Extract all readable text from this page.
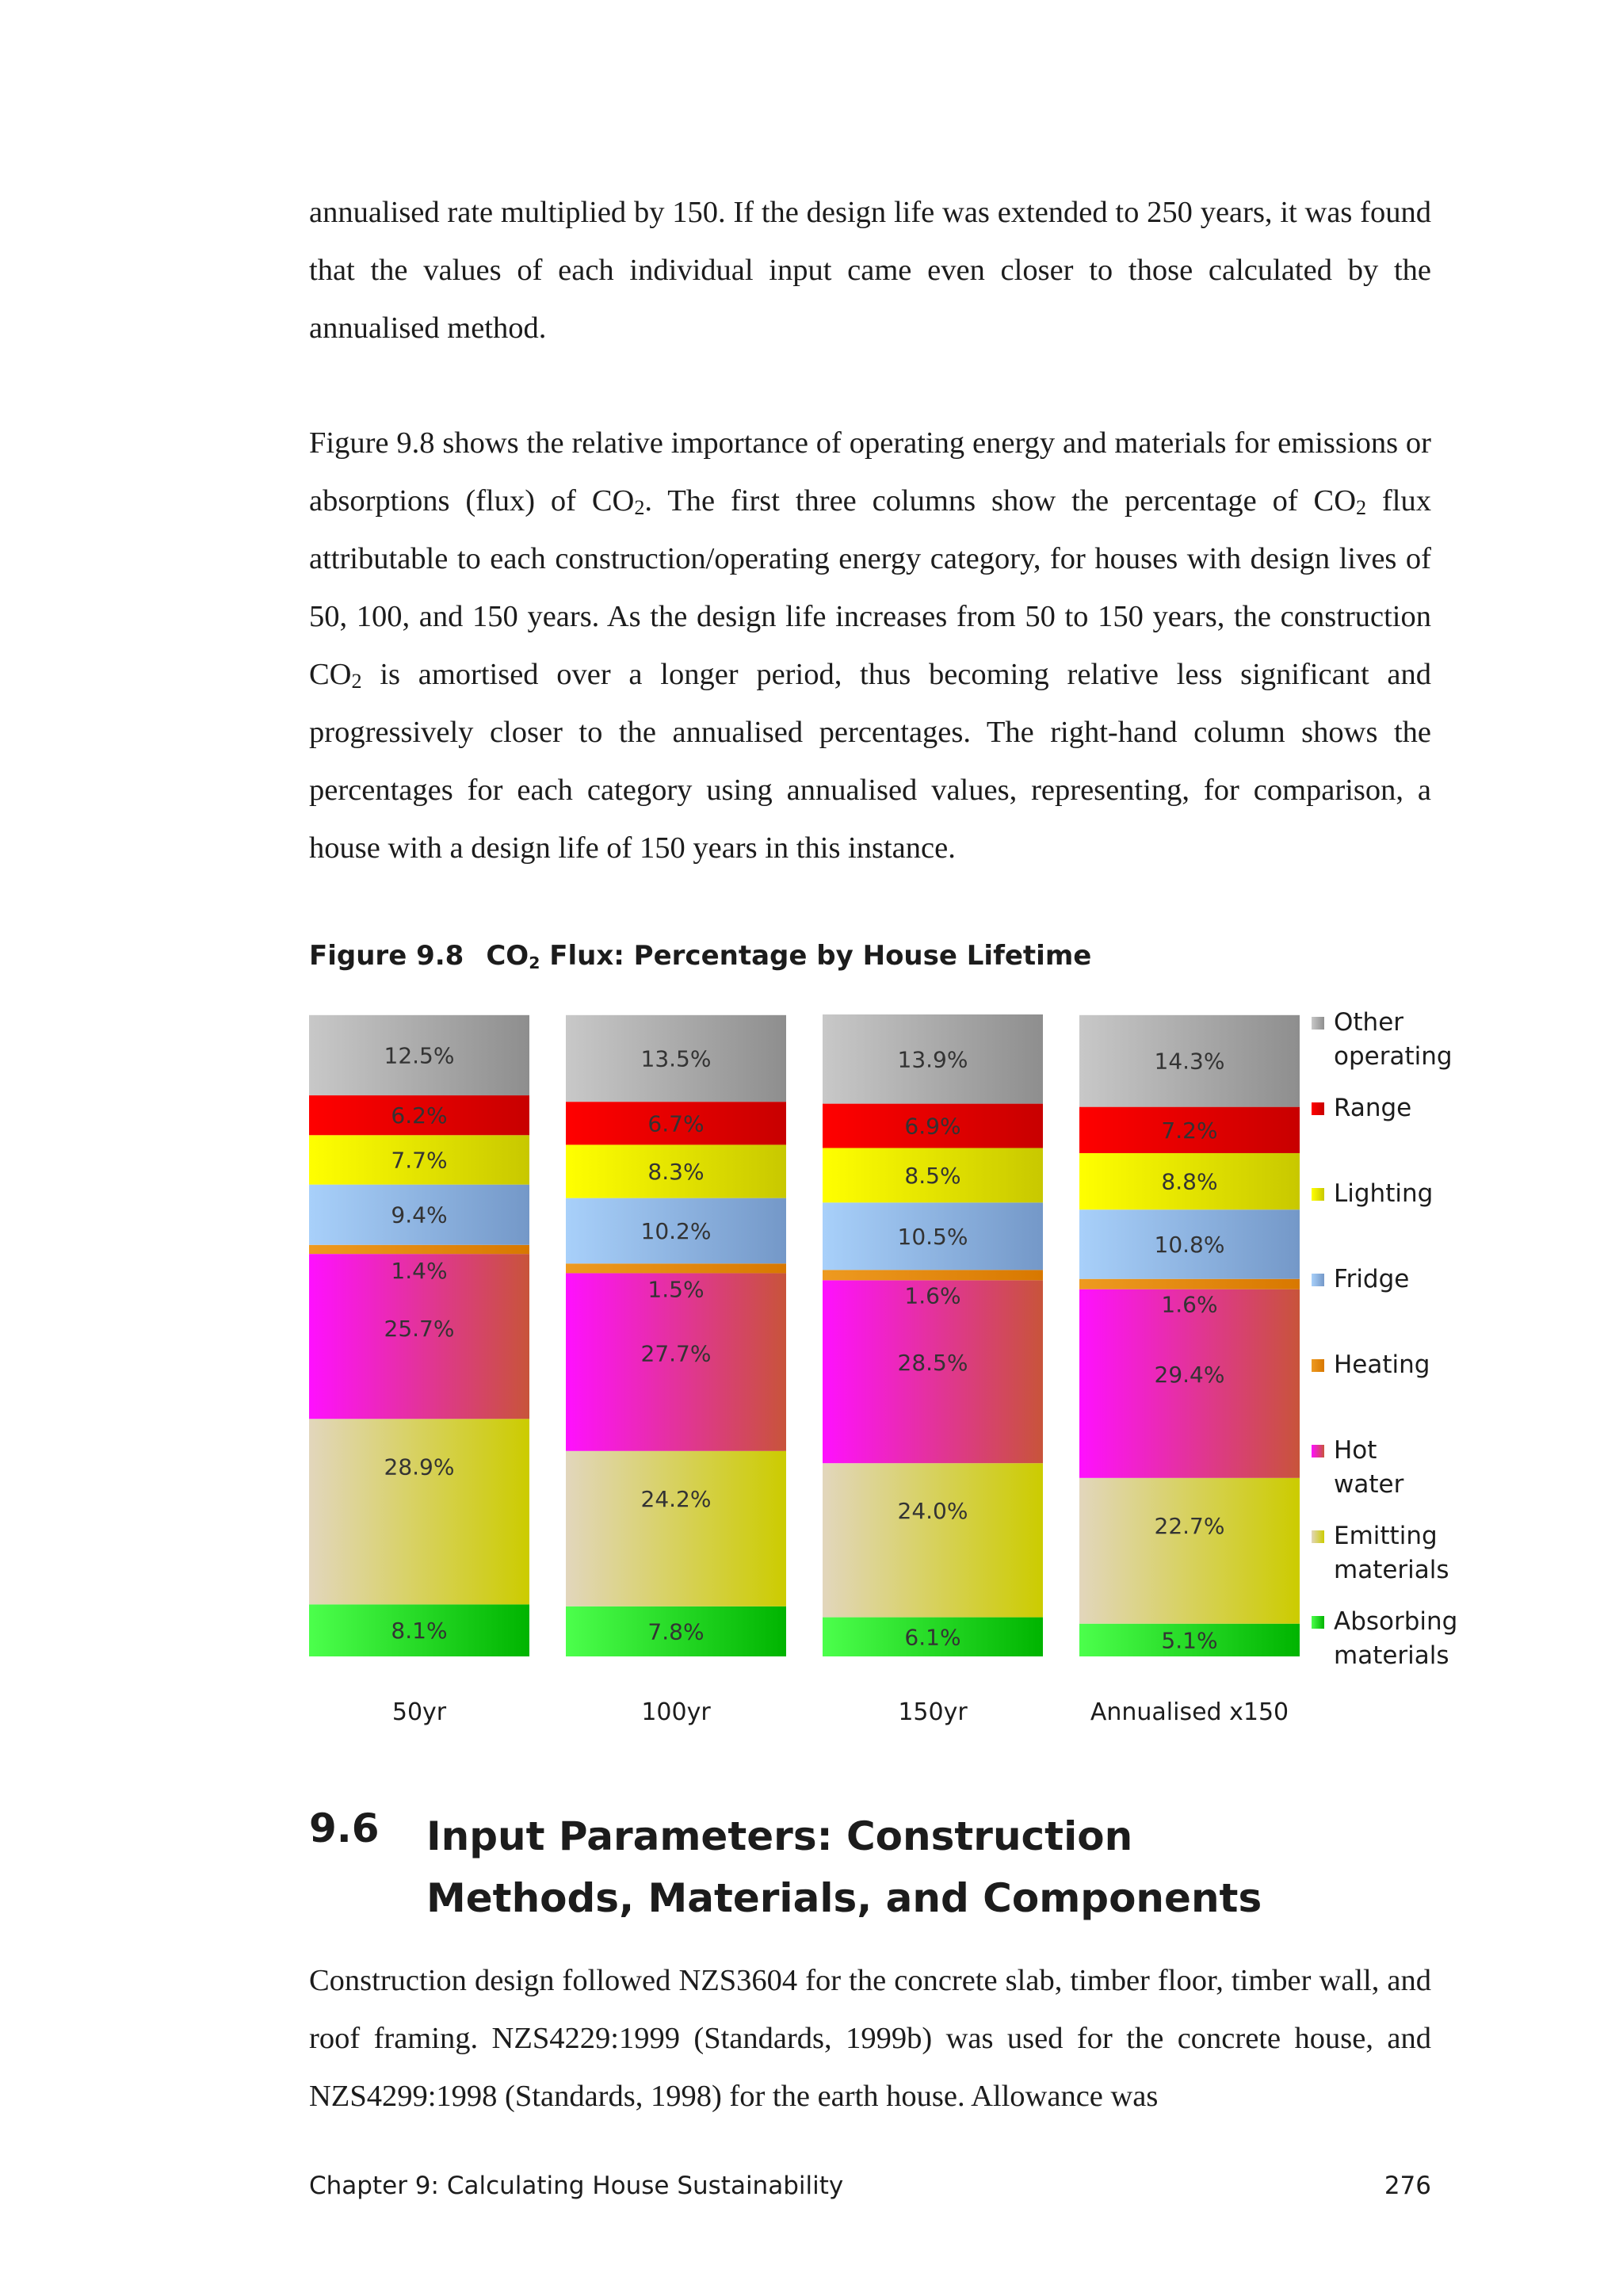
annualised rate multiplied by 150. If the design life was extended to 250 years, it was found that the values of each individual input came even closer to those calculated by the annualised method.

Figure 9.8 shows the relative importance of operating energy and materials for emissions or absorptions (flux) of $CO_2$. The first three columns show the percentage of $CO_2$ flux attributable to each construction/operating energy category, for houses with design lives of 50, 100, and 150 years. As the design life increases from 50 to 150 years, the construction $CO_2$ is amortised over a longer period, thus becoming relative less significant and progressively closer to the annualised percentages. The right-hand column shows the percentages for each category using annualised values, representing, for comparison, a house with a design life of 150 years in this instance.

Figure 9.8 $CO_2$ Flux: Percentage by House Lifetime
8.1%
28.9%
25.7%
1.4%
9.4%
7.7%
6.2%
12.5%
7.8%
24.2%
27.7%
1.5%
10.2%
8.3%
6.7%
13.5%
6.1%
24.0%
28.5%
1.6%
10.5%
8.5%
6.9%
13.9%
5.1%
22.7%
29.4%
1.6%
10.8%
8.8%
7.2%
14.3%
50yr	100yr	150yr	Annualised x150
Other operating
Range
Lighting
Fridge
Heating
Hot water
Emitting materials
Absorbing materials
9.6 Input Parameters: Construction Methods, Materials, and Components

Construction design followed NZS3604 for the concrete slab, timber floor, timber wall, and roof framing. NZS4229:1999 (Standards, 1999b) was used for the concrete house, and NZS4299:1998 (Standards, 1998) for the earth house. Allowance was

Chapter 9: Calculating House Sustainability	276
